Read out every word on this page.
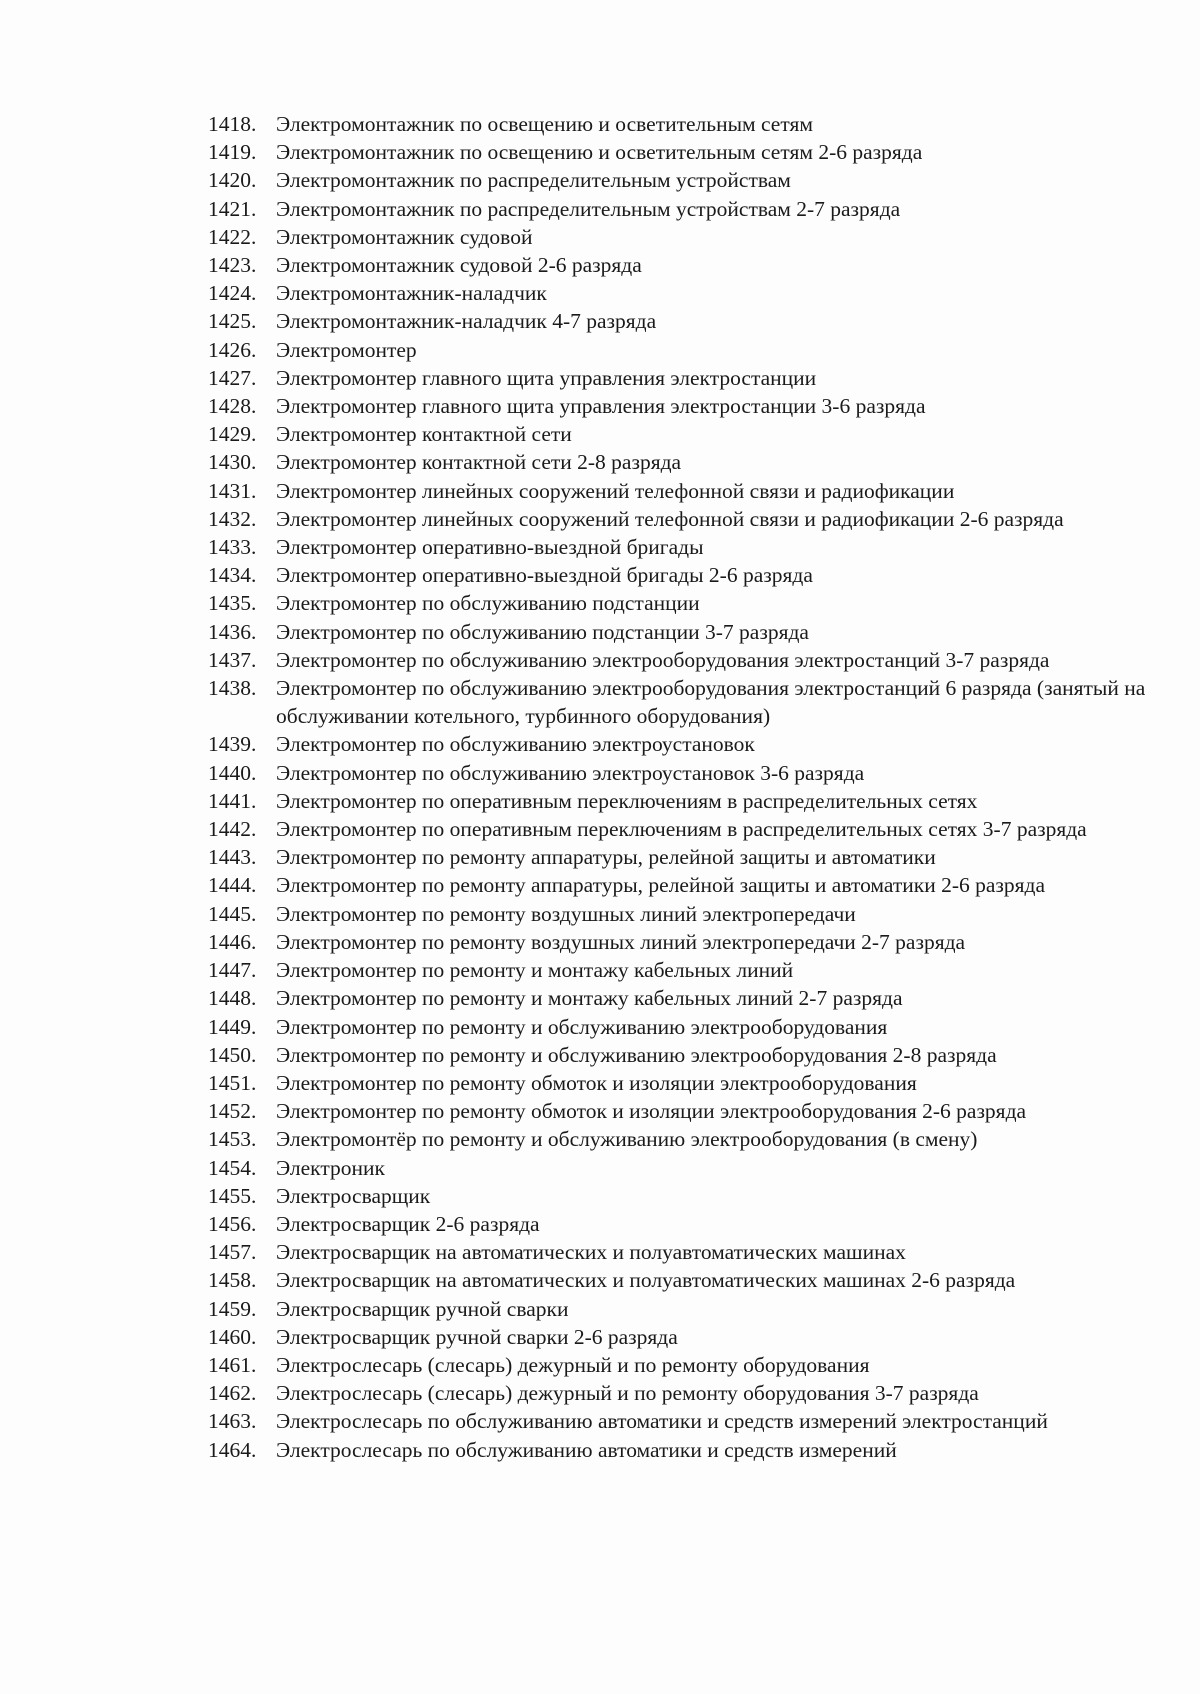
1418. Электромонтажник по освещению и осветительным сетям
1419. Электромонтажник по освещению и осветительным сетям 2-6 разряда
1420. Электромонтажник по распределительным устройствам
1421. Электромонтажник по распределительным устройствам 2-7 разряда
1422. Электромонтажник судовой
1423. Электромонтажник судовой 2-6 разряда
1424. Электромонтажник-наладчик
1425. Электромонтажник-наладчик 4-7 разряда
1426. Электромонтер
1427. Электромонтер главного щита управления электростанции
1428. Электромонтер главного щита управления электростанции 3-6 разряда
1429. Электромонтер контактной сети
1430. Электромонтер контактной сети 2-8 разряда
1431. Электромонтер линейных сооружений телефонной связи и радиофикации
1432. Электромонтер линейных сооружений телефонной связи и радиофикации 2-6 разряда
1433. Электромонтер оперативно-выездной бригады
1434. Электромонтер оперативно-выездной бригады 2-6 разряда
1435. Электромонтер по обслуживанию подстанции
1436. Электромонтер по обслуживанию подстанции 3-7 разряда
1437. Электромонтер по обслуживанию электрооборудования электростанций 3-7 разряда
1438. Электромонтер по обслуживанию электрооборудования электростанций 6 разряда (занятый на обслуживании котельного, турбинного оборудования)
1439. Электромонтер по обслуживанию электроустановок
1440. Электромонтер по обслуживанию электроустановок 3-6 разряда
1441. Электромонтер по оперативным переключениям в распределительных сетях
1442. Электромонтер по оперативным переключениям в распределительных сетях 3-7 разряда
1443. Электромонтер по ремонту аппаратуры, релейной защиты и автоматики
1444. Электромонтер по ремонту аппаратуры, релейной защиты и автоматики 2-6 разряда
1445. Электромонтер по ремонту воздушных линий электропередачи
1446. Электромонтер по ремонту воздушных линий электропередачи 2-7 разряда
1447. Электромонтер по ремонту и монтажу кабельных линий
1448. Электромонтер по ремонту и монтажу кабельных линий 2-7 разряда
1449. Электромонтер по ремонту и обслуживанию электрооборудования
1450. Электромонтер по ремонту и обслуживанию электрооборудования 2-8 разряда
1451. Электромонтер по ремонту обмоток и изоляции электрооборудования
1452. Электромонтер по ремонту обмоток и изоляции электрооборудования 2-6 разряда
1453. Электромонтёр по ремонту и обслуживанию электрооборудования (в смену)
1454. Электроник
1455. Электросварщик
1456. Электросварщик 2-6 разряда
1457. Электросварщик на автоматических и полуавтоматических машинах
1458. Электросварщик на автоматических и полуавтоматических машинах 2-6 разряда
1459. Электросварщик ручной сварки
1460. Электросварщик ручной сварки 2-6 разряда
1461. Электрослесарь (слесарь) дежурный и по ремонту оборудования
1462. Электрослесарь (слесарь) дежурный и по ремонту оборудования 3-7 разряда
1463. Электрослесарь по обслуживанию автоматики и средств измерений электростанций
1464. Электрослесарь по обслуживанию автоматики и средств измерений
